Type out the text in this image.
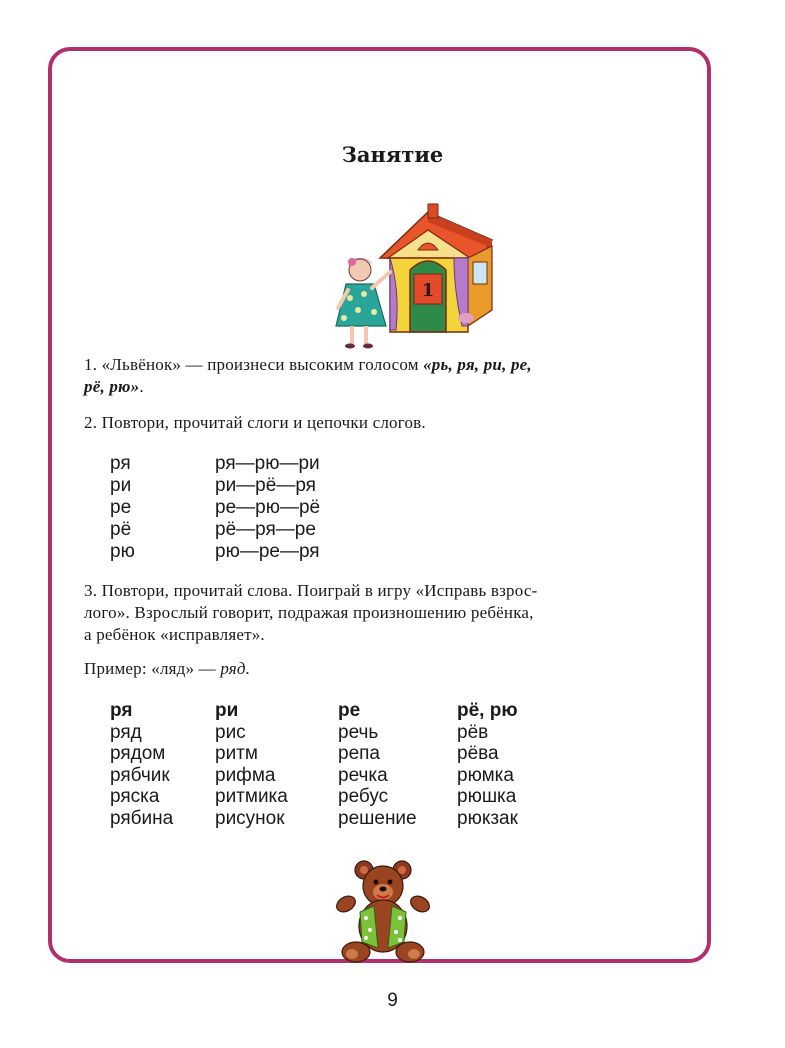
Занятие
1
1. «Львёнок» — произнеси высоким голосом «рь, ря, ри, ре,
рё, рю».
2. Повтори, прочитай слоги и цепочки слогов.
ря
ри
ре
рё
рю
ря—рю—ри
ри—рё—ря
ре—рю—рё
рё—ря—ре
рю—ре—ря
3. Повтори, прочитай слова. Поиграй в игру «Исправь взрос-
лого». Взрослый говорит, подражая произношению ребёнка,
а ребёнок «исправляет».
Пример: «ляд» — ряд.
ря
ряд
рядом
рябчик
ряска
рябина
ри
рис
ритм
рифма
ритмика
рисунок
ре
речь
репа
речка
ребус
решение
рё, рю
рёв
рёва
рюмка
рюшка
рюкзак
9
